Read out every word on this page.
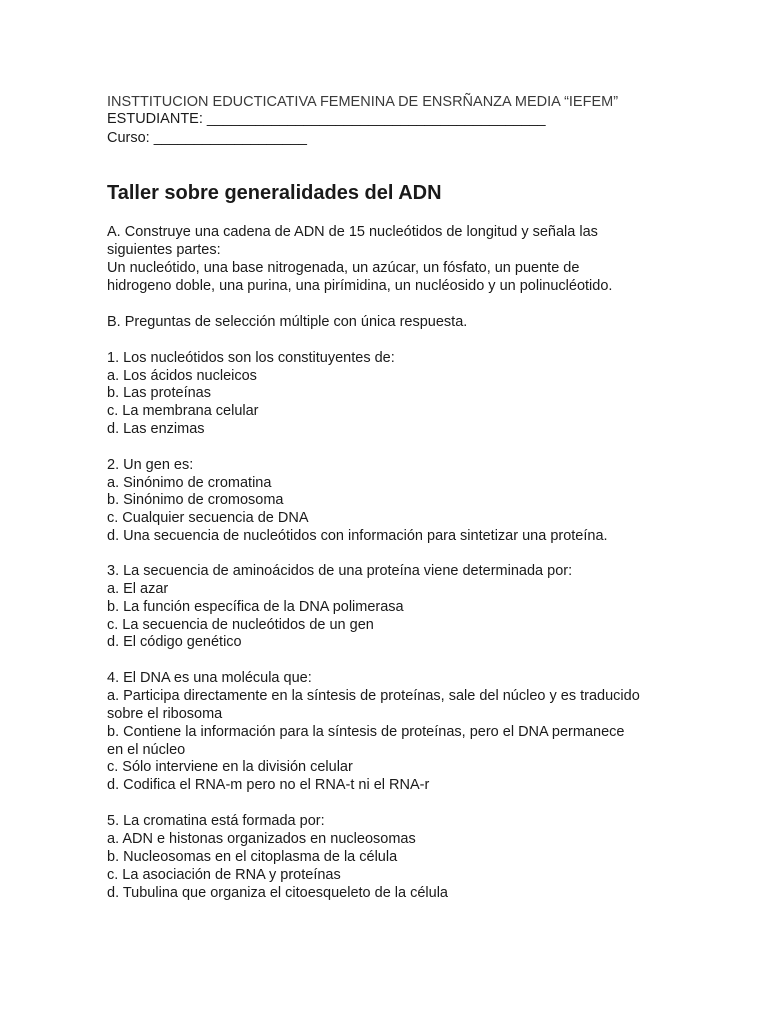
INSTTITUCION EDUCTICATIVA FEMENINA DE ENSRÑANZA MEDIA “IEFEM”

ESTUDIANTE: __________________________________________

Curso: ___________________

Taller sobre generalidades del ADN

A. Construye una cadena de ADN de 15 nucleótidos de longitud y señala las

siguientes partes:

Un nucleótido, una base nitrogenada, un azúcar, un fósfato, un puente de

hidrogeno doble, una purina, una pirímidina, un nucléosido y un polinucléotido.

B. Preguntas de selección múltiple con única respuesta.

1. Los nucleótidos son los constituyentes de:

a. Los ácidos nucleicos

b. Las proteínas

c. La membrana celular

d. Las enzimas

2. Un gen es:

a. Sinónimo de cromatina

b. Sinónimo de cromosoma

c. Cualquier secuencia de DNA

d. Una secuencia de nucleótidos con información para sintetizar una proteína.

3. La secuencia de aminoácidos de una proteína viene determinada por:

a. El azar

b. La función específica de la DNA polimerasa

c. La secuencia de nucleótidos de un gen

d. El código genético

4. El DNA es una molécula que:

a. Participa directamente en la síntesis de proteínas, sale del núcleo y es traducido

sobre el ribosoma

b. Contiene la información para la síntesis de proteínas, pero el DNA permanece

en el núcleo

c. Sólo interviene en la división celular

d. Codifica el RNA-m pero no el RNA-t ni el RNA-r

5. La cromatina está formada por:

a. ADN e histonas organizados en nucleosomas

b. Nucleosomas en el citoplasma de la célula

c. La asociación de RNA y proteínas

d. Tubulina que organiza el citoesqueleto de la célula
